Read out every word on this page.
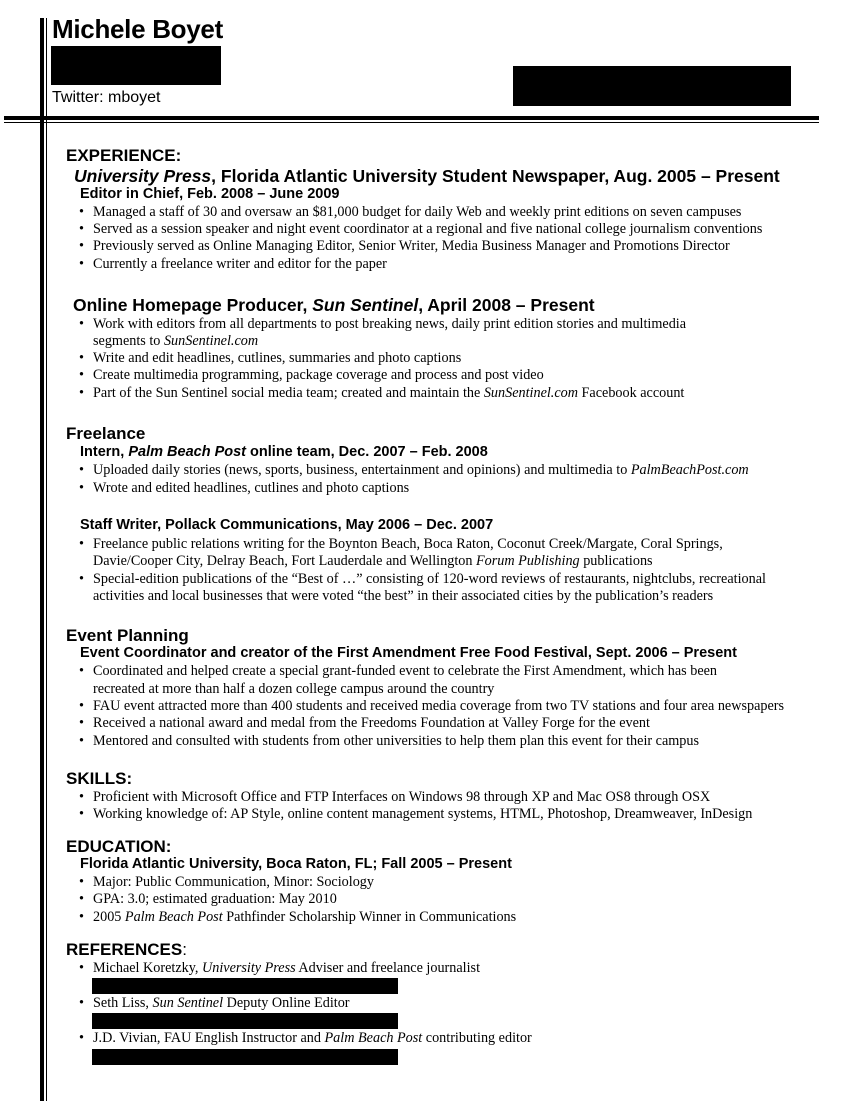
Michele Boyet
Twitter: mboyet
EXPERIENCE:
University Press, Florida Atlantic University Student Newspaper, Aug. 2005 – Present
Editor in Chief, Feb. 2008 – June 2009
• Managed a staff of 30 and oversaw an $81,000 budget for daily Web and weekly print editions on seven campuses
• Served as a session speaker and night event coordinator at a regional and five national college journalism conventions
• Previously served as Online Managing Editor, Senior Writer, Media Business Manager and Promotions Director
• Currently a freelance writer and editor for the paper
Online Homepage Producer, Sun Sentinel, April 2008 – Present
• Work with editors from all departments to post breaking news, daily print edition stories and multimedia
segments to SunSentinel.com
• Write and edit headlines, cutlines, summaries and photo captions
• Create multimedia programming, package coverage and process and post video
• Part of the Sun Sentinel social media team; created and maintain the SunSentinel.com Facebook account
Freelance
Intern, Palm Beach Post online team, Dec. 2007 – Feb. 2008
• Uploaded daily stories (news, sports, business, entertainment and opinions) and multimedia to PalmBeachPost.com
• Wrote and edited headlines, cutlines and photo captions
Staff Writer, Pollack Communications, May 2006 – Dec. 2007
• Freelance public relations writing for the Boynton Beach, Boca Raton, Coconut Creek/Margate, Coral Springs,
Davie/Cooper City, Delray Beach, Fort Lauderdale and Wellington Forum Publishing publications
• Special-edition publications of the “Best of …” consisting of 120-word reviews of restaurants, nightclubs, recreational
activities and local businesses that were voted “the best” in their associated cities by the publication’s readers
Event Planning
Event Coordinator and creator of the First Amendment Free Food Festival, Sept. 2006 – Present
• Coordinated and helped create a special grant-funded event to celebrate the First Amendment, which has been
recreated at more than half a dozen college campus around the country
• FAU event attracted more than 400 students and received media coverage from two TV stations and four area newspapers
• Received a national award and medal from the Freedoms Foundation at Valley Forge for the event
• Mentored and consulted with students from other universities to help them plan this event for their campus
SKILLS:
• Proficient with Microsoft Office and FTP Interfaces on Windows 98 through XP and Mac OS8 through OSX
• Working knowledge of: AP Style, online content management systems, HTML, Photoshop, Dreamweaver, InDesign
EDUCATION:
Florida Atlantic University, Boca Raton, FL; Fall 2005 – Present
• Major: Public Communication, Minor: Sociology
• GPA: 3.0; estimated graduation: May 2010
• 2005 Palm Beach Post Pathfinder Scholarship Winner in Communications
REFERENCES:
• Michael Koretzky, University Press Adviser and freelance journalist
• Seth Liss, Sun Sentinel Deputy Online Editor
• J.D. Vivian, FAU English Instructor and Palm Beach Post contributing editor
